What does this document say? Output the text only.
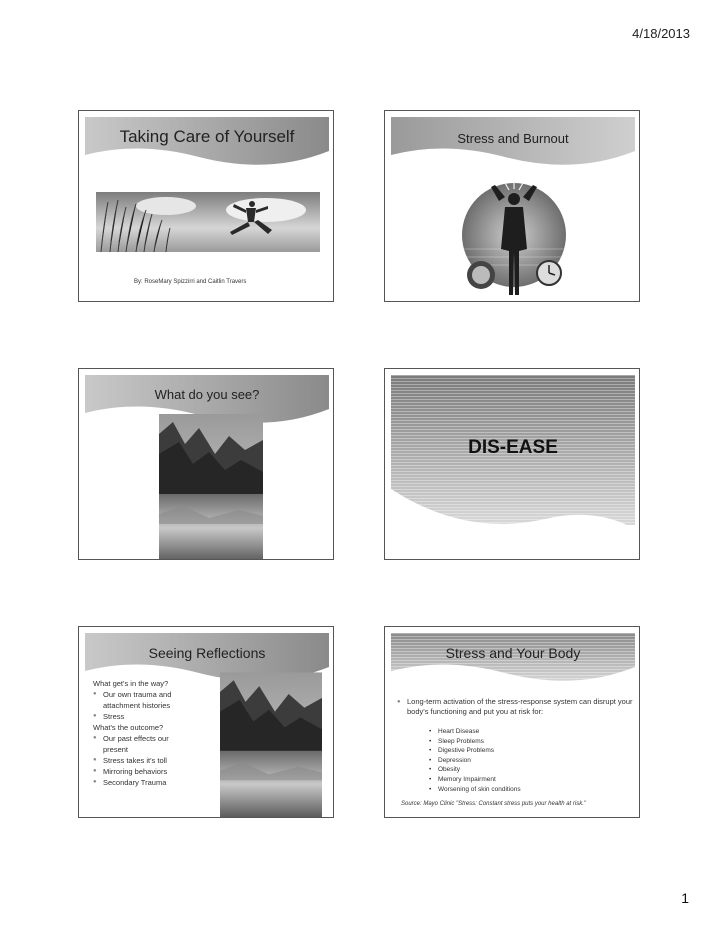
4/18/2013
Taking Care of Yourself
By: RoseMary Spizzirri and Caitlin Travers
Stress and Burnout
What do you see?
DIS-EASE
Seeing Reflections
What get's in the way?
● Our own trauma and
attachment histories
● Stress
What's the outcome?
● Our past effects our
present
● Stress takes it's toll
● Mirroring behaviors
● Secondary Trauma
Stress and Your Body
● Long-term activation of the stress-response system can disrupt your body's functioning and put you at risk for:
•	Heart Disease
•	Sleep Problems
•	Digestive Problems
•	Depression
•	Obesity
•	Memory Impairment
•	Worsening of skin conditions
Source: Mayo Clinic "Stress: Constant stress puts your health at risk."
1
